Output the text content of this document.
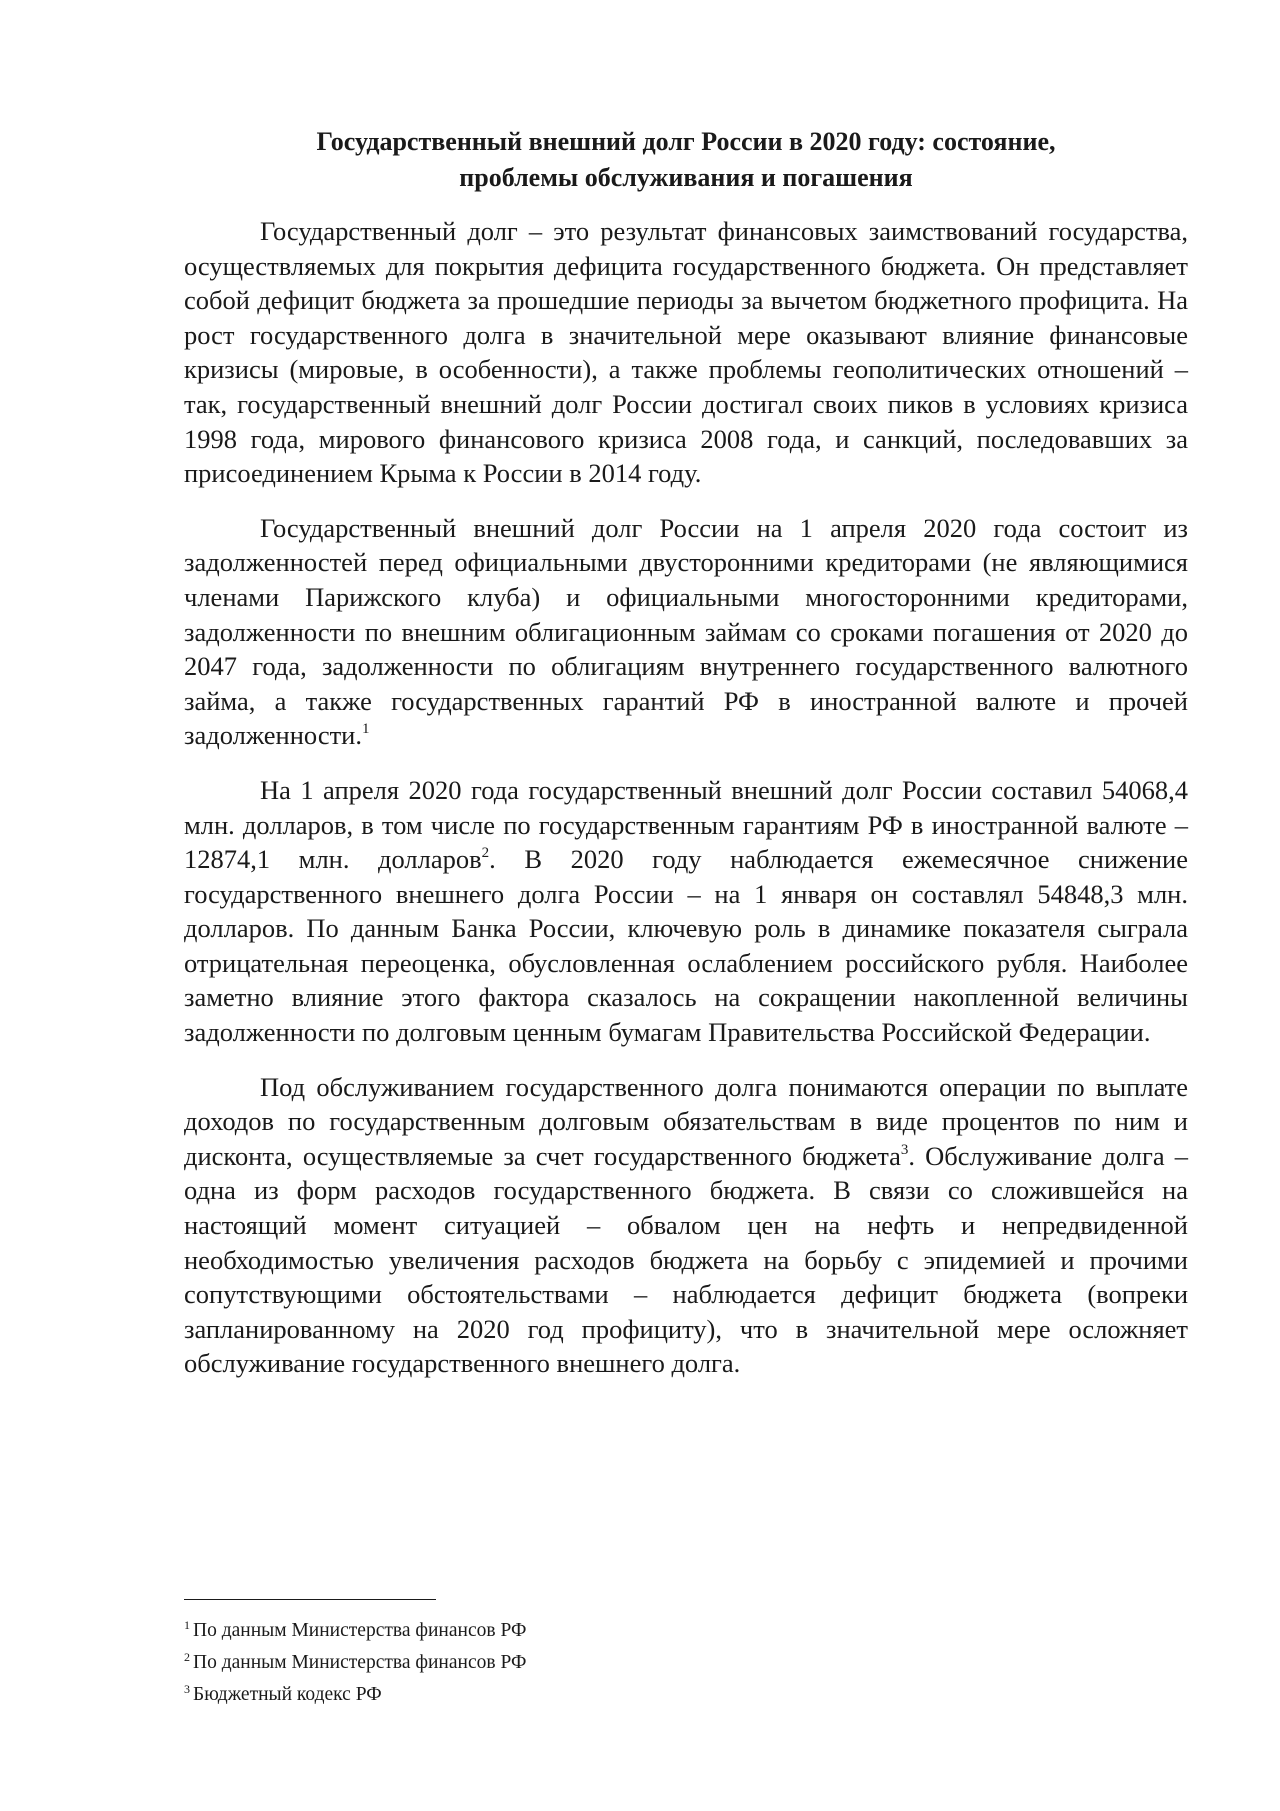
Государственный внешний долг России в 2020 году: состояние,
проблемы обслуживания и погашения

Государственный долг – это результат финансовых заимствований государства, осуществляемых для покрытия дефицита государственного бюджета. Он представляет собой дефицит бюджета за прошедшие периоды за вычетом бюджетного профицита. На рост государственного долга в значительной мере оказывают влияние финансовые кризисы (мировые, в особенности), а также проблемы геополитических отношений – так, государственный внешний долг России достигал своих пиков в условиях кризиса 1998 года, мирового финансового кризиса 2008 года, и санкций, последовавших за присоединением Крыма к России в 2014 году.

Государственный внешний долг России на 1 апреля 2020 года состоит из задолженностей перед официальными двусторонними кредиторами (не являющимися членами Парижского клуба) и официальными многосторонними кредиторами, задолженности по внешним облигационным займам со сроками погашения от 2020 до 2047 года, задолженности по облигациям внутреннего государственного валютного займа, а также государственных гарантий РФ в иностранной валюте и прочей задолженности.$^1$

На 1 апреля 2020 года государственный внешний долг России составил 54068,4 млн. долларов, в том числе по государственным гарантиям РФ в иностранной валюте – 12874,1 млн. долларов$^2$. В 2020 году наблюдается ежемесячное снижение государственного внешнего долга России – на 1 января он составлял 54848,3 млн. долларов. По данным Банка России, ключевую роль в динамике показателя сыграла отрицательная переоценка, обусловленная ослаблением российского рубля. Наиболее заметно влияние этого фактора сказалось на сокращении накопленной величины задолженности по долговым ценным бумагам Правительства Российской Федерации.

Под обслуживанием государственного долга понимаются операции по выплате доходов по государственным долговым обязательствам в виде процентов по ним и дисконта, осуществляемые за счет государственного бюджета$^3$. Обслуживание долга – одна из форм расходов государственного бюджета. В связи со сложившейся на настоящий момент ситуацией – обвалом цен на нефть и непредвиденной необходимостью увеличения расходов бюджета на борьбу с эпидемией и прочими сопутствующими обстоятельствами – наблюдается дефицит бюджета (вопреки запланированному на 2020 год профициту), что в значительной мере осложняет обслуживание государственного внешнего долга.

$^1$ По данным Министерства финансов РФ

$^2$ По данным Министерства финансов РФ

$^3$ Бюджетный кодекс РФ
